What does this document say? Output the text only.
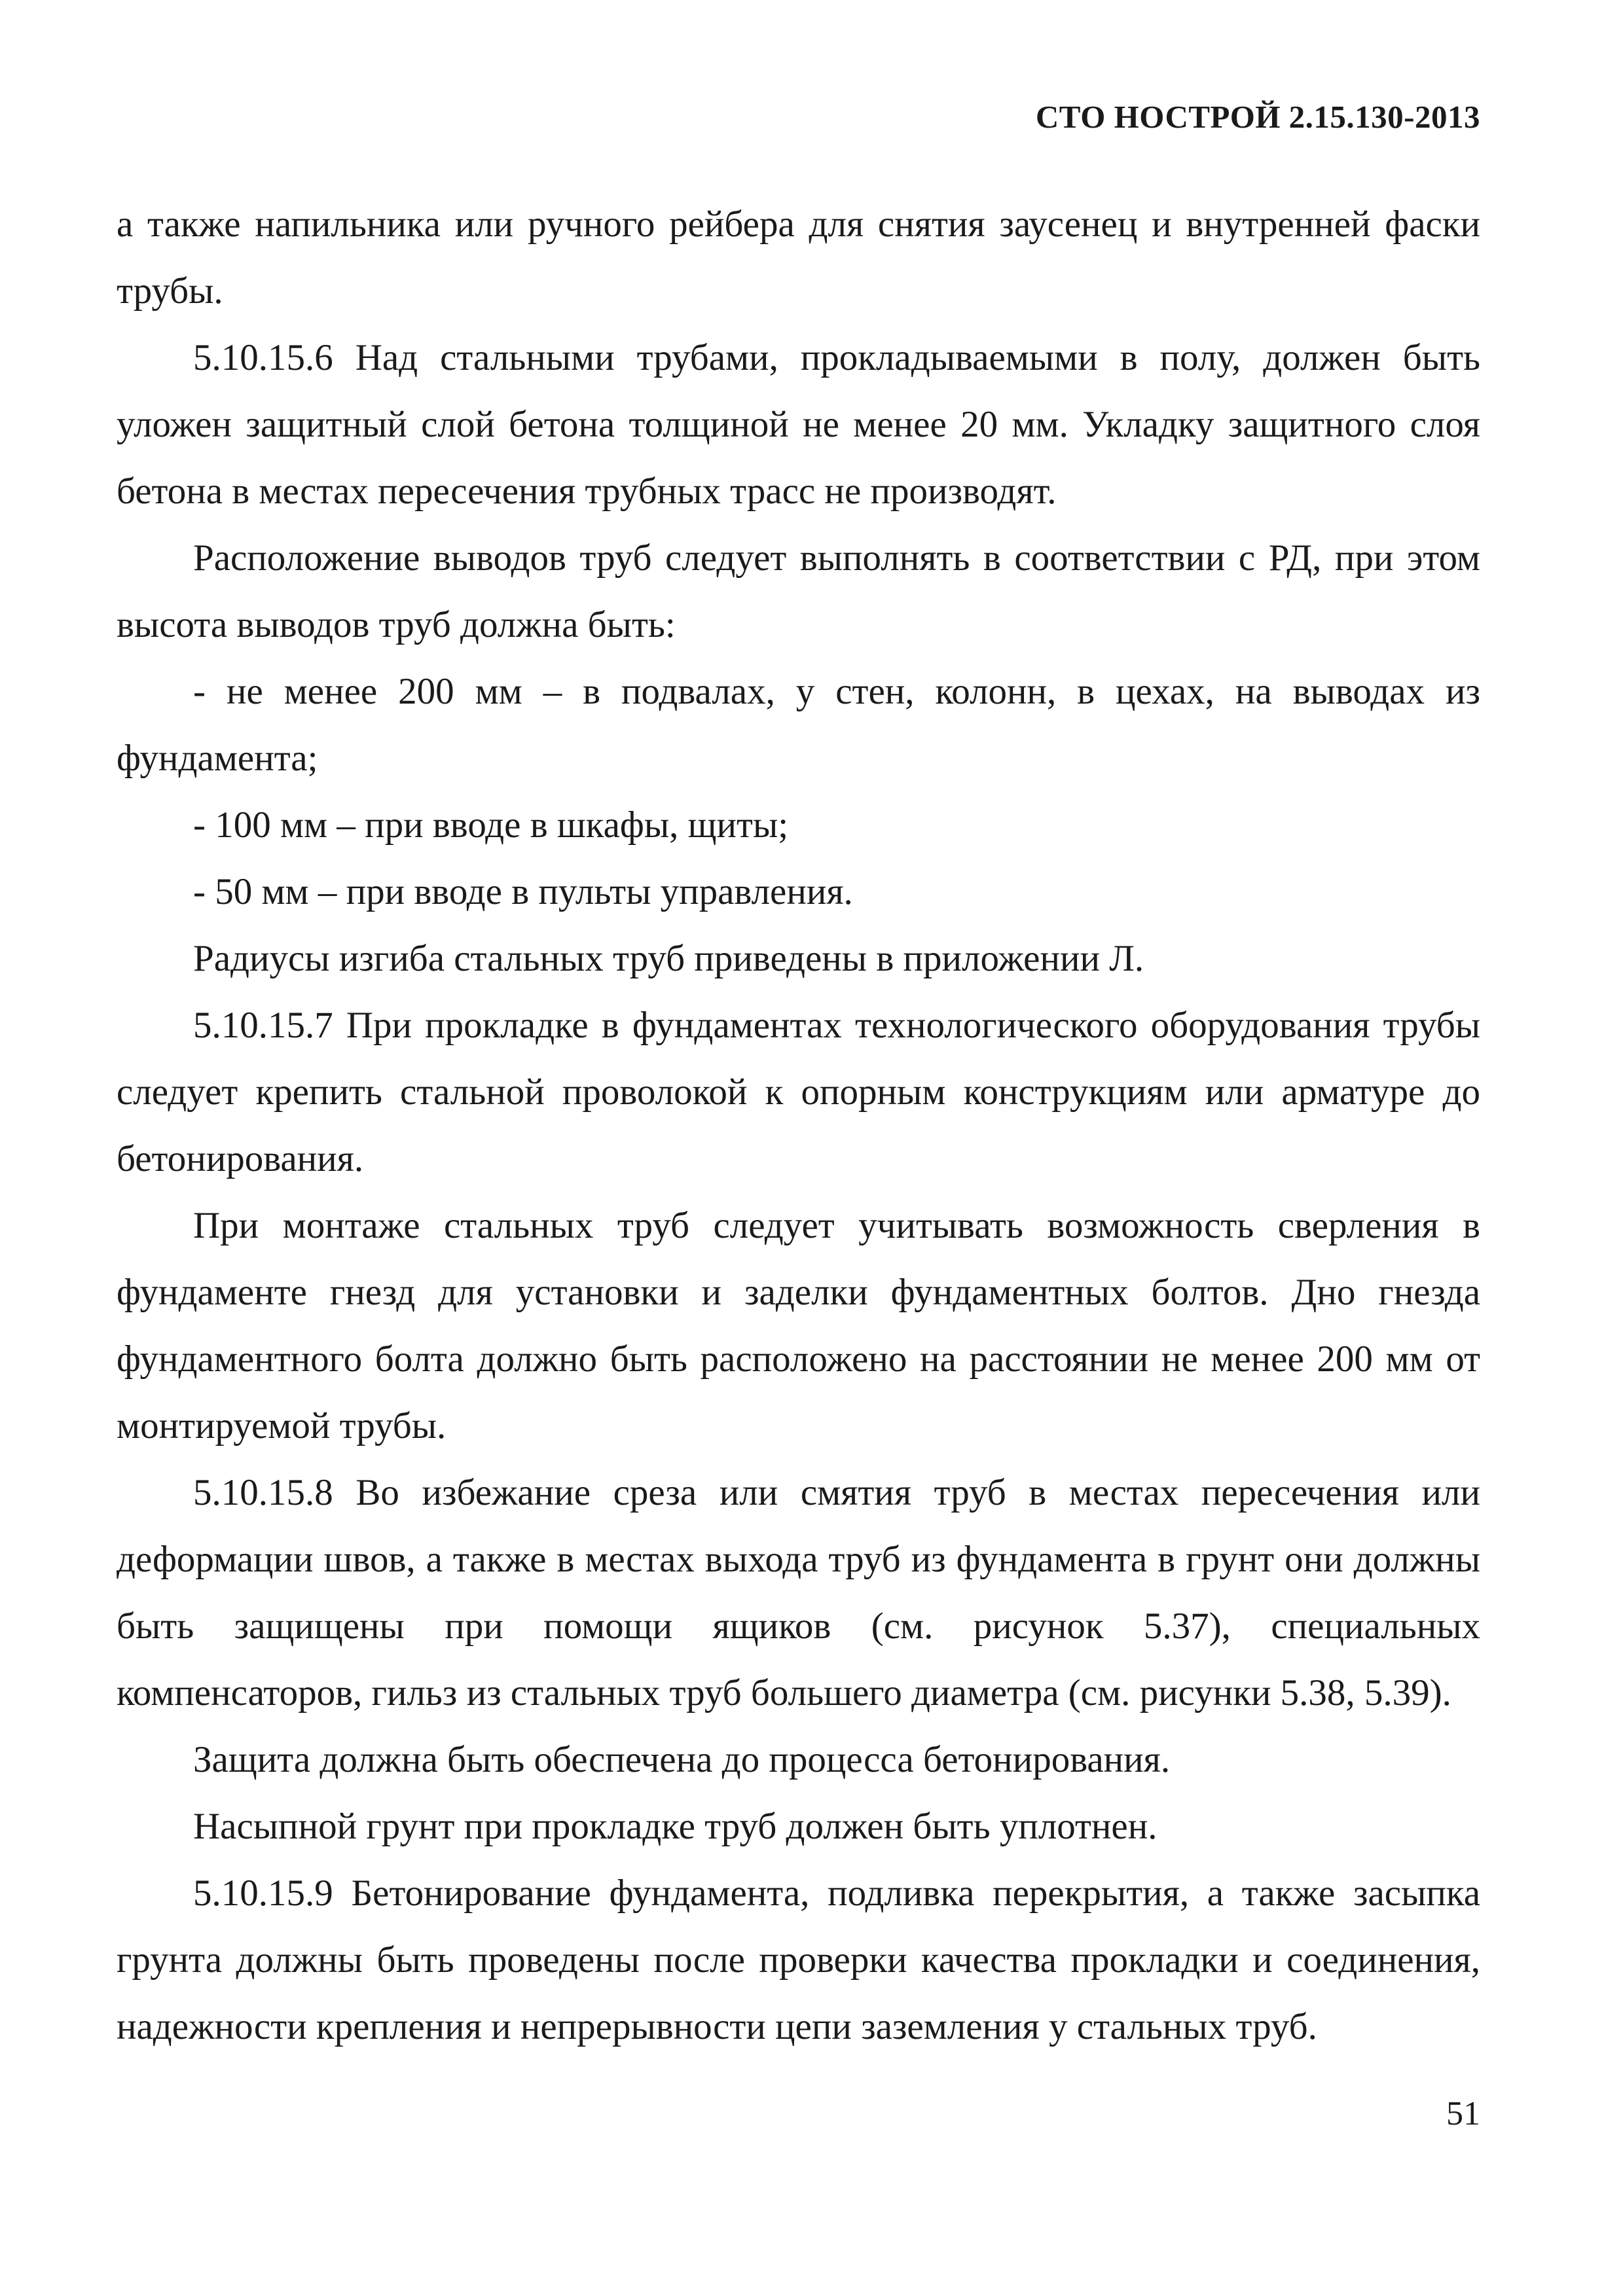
СТО НОСТРОЙ 2.15.130-2013

а также напильника или ручного рейбера для снятия заусенец и внутренней фаски трубы.

5.10.15.6 Над стальными трубами, прокладываемыми в полу, должен быть уложен защитный слой бетона толщиной не менее 20 мм. Укладку защитного слоя бетона в местах пересечения трубных трасс не производят.

Расположение выводов труб следует выполнять в соответствии с РД, при этом высота выводов труб должна быть:

- не менее 200 мм – в подвалах, у стен, колонн, в цехах, на выводах из фундамента;

- 100 мм – при вводе в шкафы, щиты;

- 50 мм – при вводе в пульты управления.

Радиусы изгиба стальных труб приведены в приложении Л.

5.10.15.7 При прокладке в фундаментах технологического оборудования трубы следует крепить стальной проволокой к опорным конструкциям или арматуре до бетонирования.

При монтаже стальных труб следует учитывать возможность сверления в фундаменте гнезд для установки и заделки фундаментных болтов. Дно гнезда фундаментного болта должно быть расположено на расстоянии не менее 200 мм от монтируемой трубы.

5.10.15.8 Во избежание среза или смятия труб в местах пересечения или деформации швов, а также в местах выхода труб из фундамента в грунт они должны быть защищены при помощи ящиков (см. рисунок 5.37), специальных компенсаторов, гильз из стальных труб большего диаметра (см. рисунки 5.38, 5.39).

Защита должна быть обеспечена до процесса бетонирования.

Насыпной грунт при прокладке труб должен быть уплотнен.

5.10.15.9 Бетонирование фундамента, подливка перекрытия, а также засыпка грунта должны быть проведены после проверки качества прокладки и соединения, надежности крепления и непрерывности цепи заземления у стальных труб.

51
